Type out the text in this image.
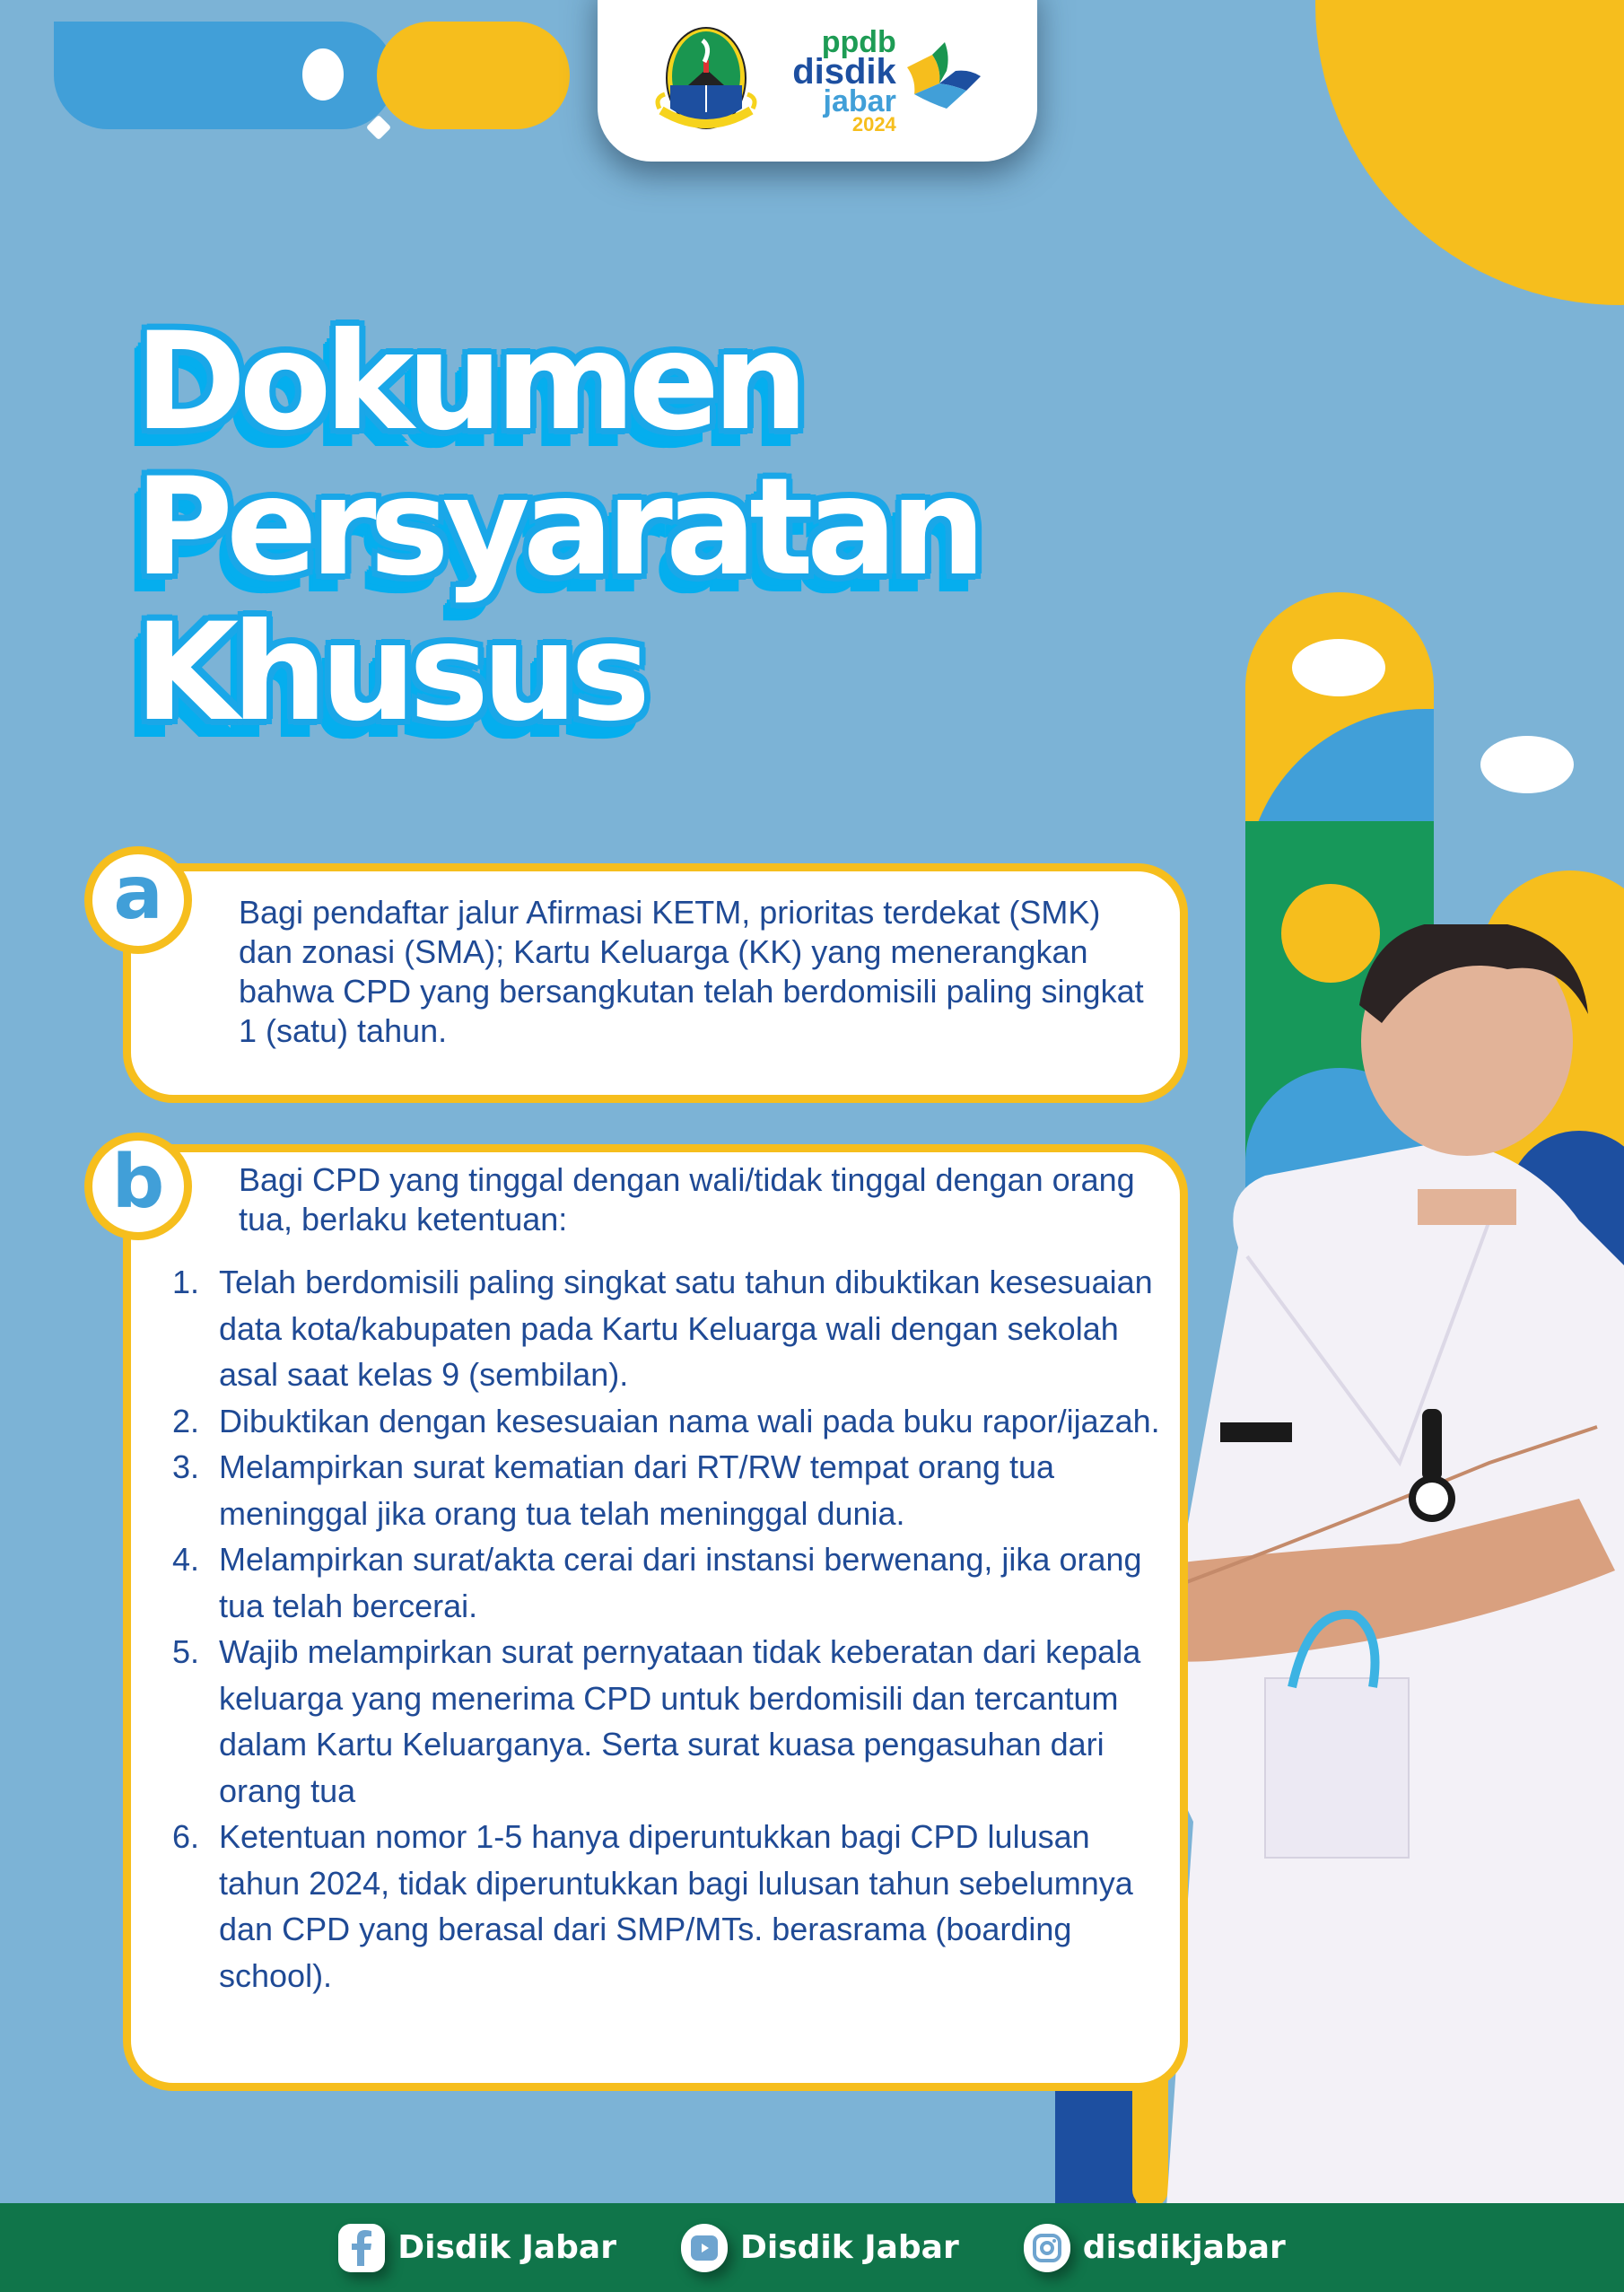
ppdb
disdik
jabar
2024
Dokumen
Persyaratan
Khusus
a Bagi pendaftar jalur Afirmasi KETM, prioritas terdekat (SMK) dan zonasi (SMA); Kartu Keluarga (KK) yang menerangkan bahwa CPD yang bersangkutan telah berdomisili paling singkat 1 (satu) tahun.
b Bagi CPD yang tinggal dengan wali/tidak tinggal dengan orang tua, berlaku ketentuan:
1. Telah berdomisili paling singkat satu tahun dibuktikan kesesuaian data kota/kabupaten pada Kartu Keluarga wali dengan sekolah asal saat kelas 9 (sembilan).
2. Dibuktikan dengan kesesuaian nama wali pada buku rapor/ijazah.
3. Melampirkan surat kematian dari RT/RW tempat orang tua meninggal jika orang tua telah meninggal dunia.
4. Melampirkan surat/akta cerai dari instansi berwenang, jika orang tua telah bercerai.
5. Wajib melampirkan surat pernyataan tidak keberatan dari kepala keluarga yang menerima CPD untuk berdomisili dan tercantum dalam Kartu Keluarganya. Serta surat kuasa pengasuhan dari orang tua
6. Ketentuan nomor 1-5 hanya diperuntukkan bagi CPD lulusan tahun 2024, tidak diperuntukkan bagi lulusan tahun sebelumnya dan CPD yang berasal dari SMP/MTs. berasrama (boarding school).
Disdik Jabar	Disdik Jabar	disdikjabar
